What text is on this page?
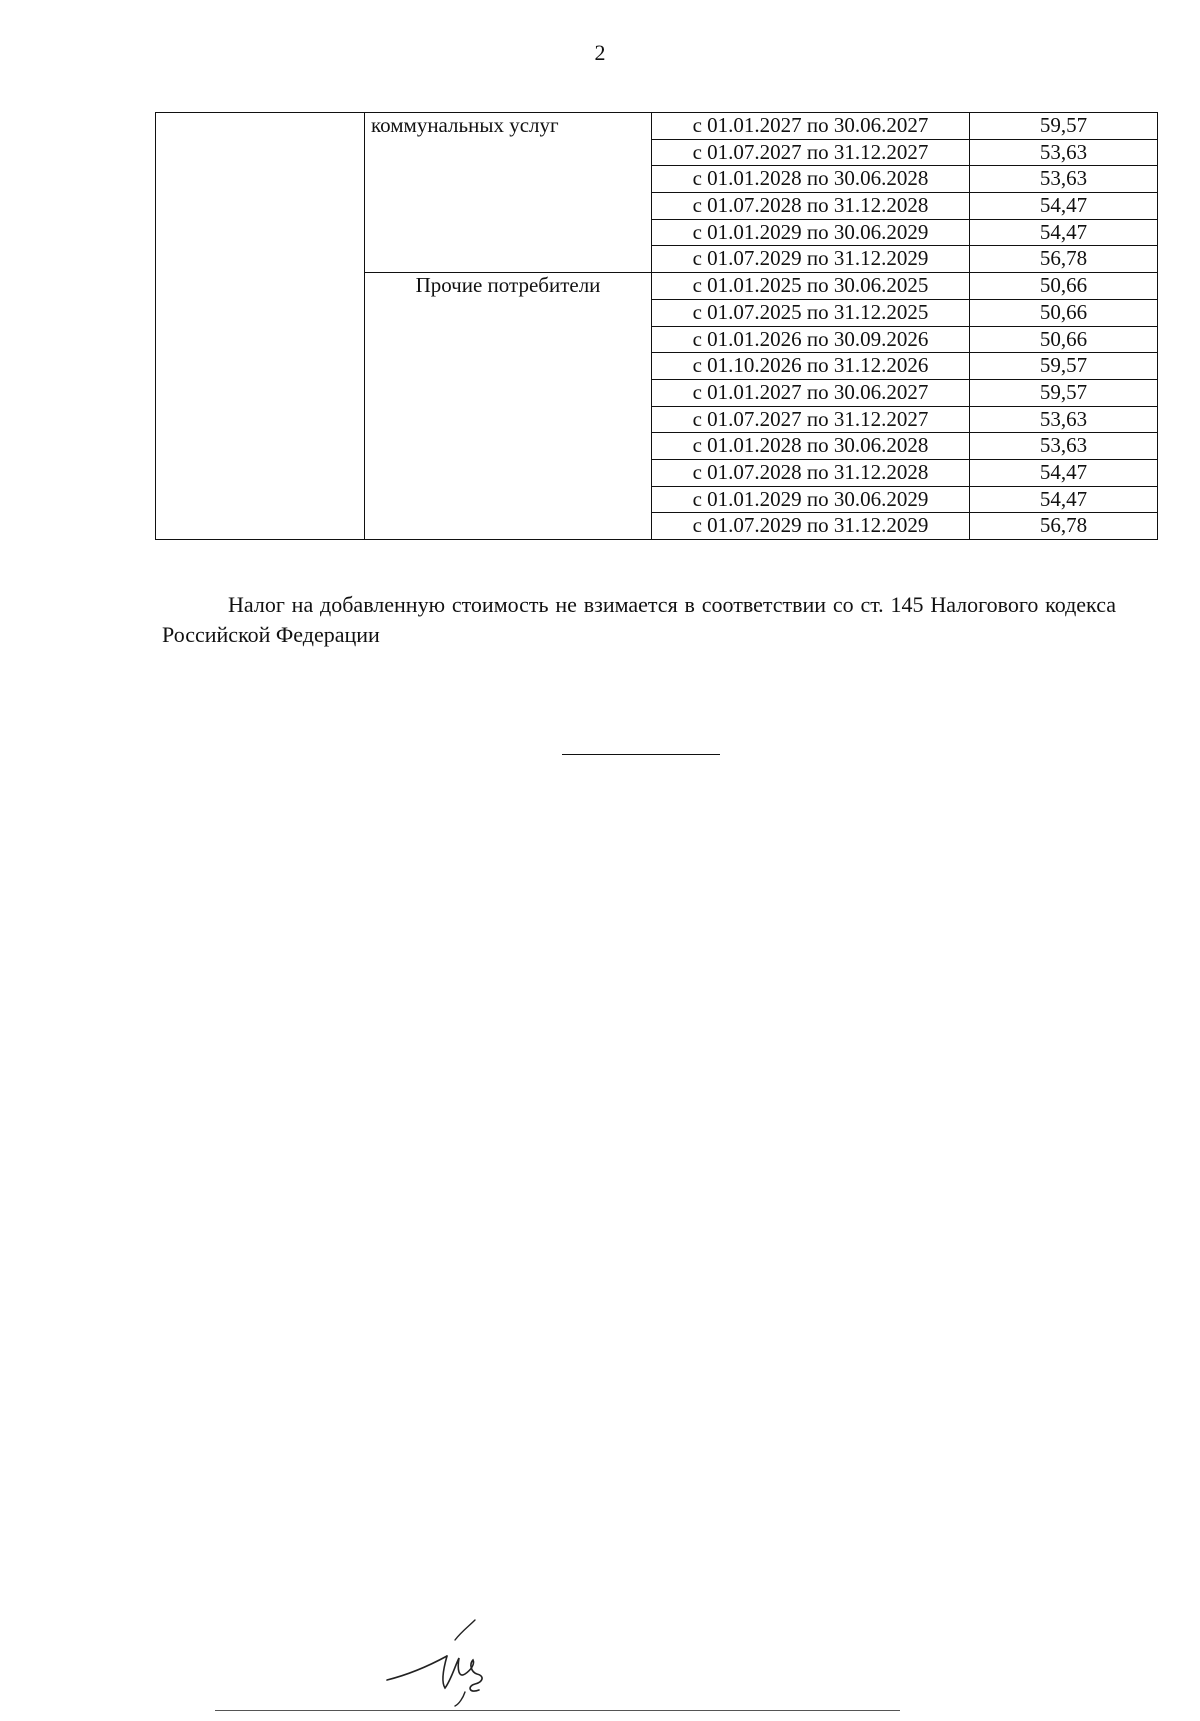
2
	коммунальных услуг	с 01.01.2027 по 30.06.2027	59,57
		с 01.07.2027 по 31.12.2027	53,63
		с 01.01.2028 по 30.06.2028	53,63
		с 01.07.2028 по 31.12.2028	54,47
		с 01.01.2029 по 30.06.2029	54,47
		с 01.07.2029 по 31.12.2029	56,78
	Прочие потребители	с 01.01.2025 по 30.06.2025	50,66
		с 01.07.2025 по 31.12.2025	50,66
		с 01.01.2026 по 30.09.2026	50,66
		с 01.10.2026 по 31.12.2026	59,57
		с 01.01.2027 по 30.06.2027	59,57
		с 01.07.2027 по 31.12.2027	53,63
		с 01.01.2028 по 30.06.2028	53,63
		с 01.07.2028 по 31.12.2028	54,47
		с 01.01.2029 по 30.06.2029	54,47
		с 01.07.2029 по 31.12.2029	56,78

Налог на добавленную стоимость не взимается в соответствии со ст. 145 Налогового кодекса Российской Федерации
